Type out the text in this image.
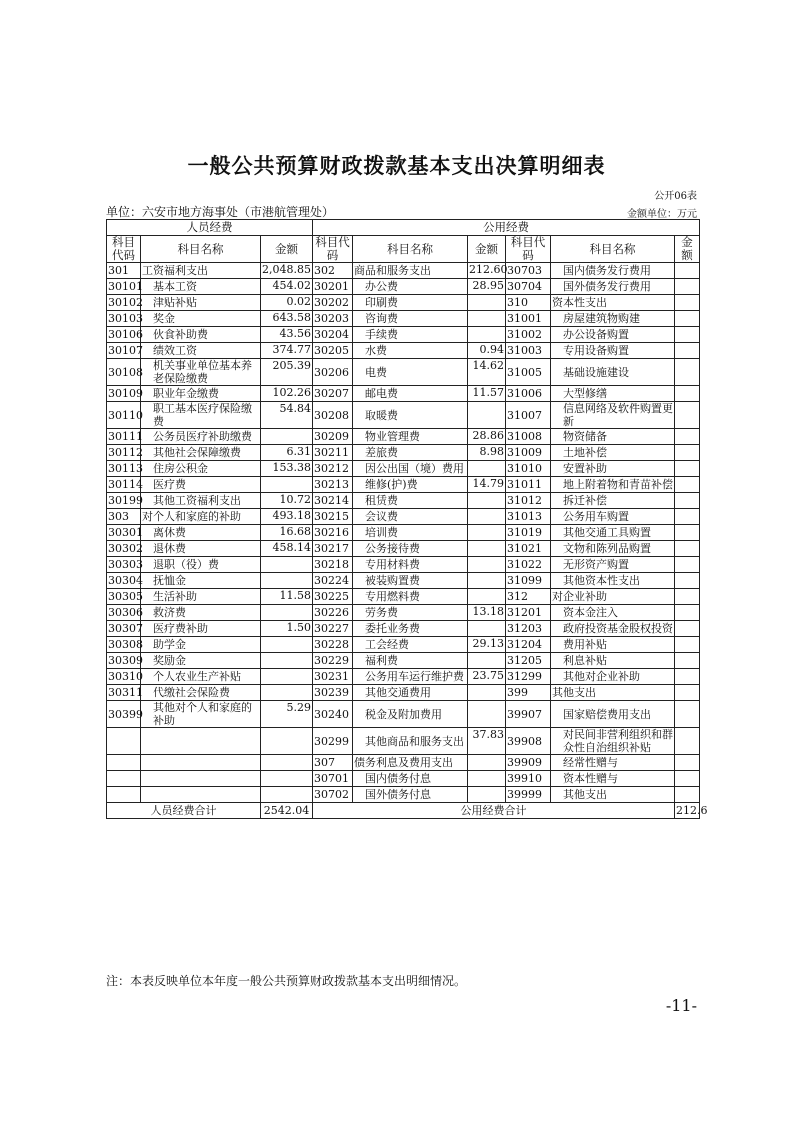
一般公共预算财政拨款基本支出决算明细表
公开06表
单位：六安市地方海事处（市港航管理处）	金额单位：万元
人员经费			公用经费					
科目代码	科目名称	金额	科目代码	科目名称	金额	科目代码	科目名称	金额
301	工资福利支出	2,048.85	302	商品和服务支出	212.60	30703	国内债务发行费用	
30101	基本工资	454.02	30201	办公费	28.95	30704	国外债务发行费用	
30102	津贴补贴	0.02	30202	印刷费		310	资本性支出	
30103	奖金	643.58	30203	咨询费		31001	房屋建筑物购建	
30106	伙食补助费	43.56	30204	手续费		31002	办公设备购置	
30107	绩效工资	374.77	30205	水费	0.94	31003	专用设备购置	
30108	机关事业单位基本养老保险缴费	205.39	30206	电费	14.62	31005	基础设施建设	
30109	职业年金缴费	102.26	30207	邮电费	11.57	31006	大型修缮	
30110	职工基本医疗保险缴费	54.84	30208	取暖费		31007	信息网络及软件购置更新	
30111	公务员医疗补助缴费		30209	物业管理费	28.86	31008	物资储备	
30112	其他社会保障缴费	6.31	30211	差旅费	8.98	31009	土地补偿	
30113	住房公积金	153.38	30212	因公出国（境）费用		31010	安置补助	
30114	医疗费		30213	维修(护)费	14.79	31011	地上附着物和青苗补偿	
30199	其他工资福利支出	10.72	30214	租赁费		31012	拆迁补偿	
303	对个人和家庭的补助	493.18	30215	会议费		31013	公务用车购置	
30301	离休费	16.68	30216	培训费		31019	其他交通工具购置	
30302	退休费	458.14	30217	公务接待费		31021	文物和陈列品购置	
30303	退职（役）费		30218	专用材料费		31022	无形资产购置	
30304	抚恤金		30224	被装购置费		31099	其他资本性支出	
30305	生活补助	11.58	30225	专用燃料费		312	对企业补助	
30306	救济费		30226	劳务费	13.18	31201	资本金注入	
30307	医疗费补助	1.50	30227	委托业务费		31203	政府投资基金股权投资	
30308	助学金		30228	工会经费	29.13	31204	费用补贴	
30309	奖励金		30229	福利费		31205	利息补贴	
30310	个人农业生产补贴		30231	公务用车运行维护费	23.75	31299	其他对企业补助	
30311	代缴社会保险费		30239	其他交通费用		399	其他支出	
30399	其他对个人和家庭的补助	5.29	30240	税金及附加费用		39907	国家赔偿费用支出	
			30299	其他商品和服务支出	37.83	39908	对民间非营利组织和群众性自治组织补贴	
			307	债务利息及费用支出		39909	经常性赠与	
			30701	国内债务付息		39910	资本性赠与	
			30702	国外债务付息		39999	其他支出	
人员经费合计		2542.04	公用经费合计					212.6
注：本表反映单位本年度一般公共预算财政拨款基本支出明细情况。
-11-
